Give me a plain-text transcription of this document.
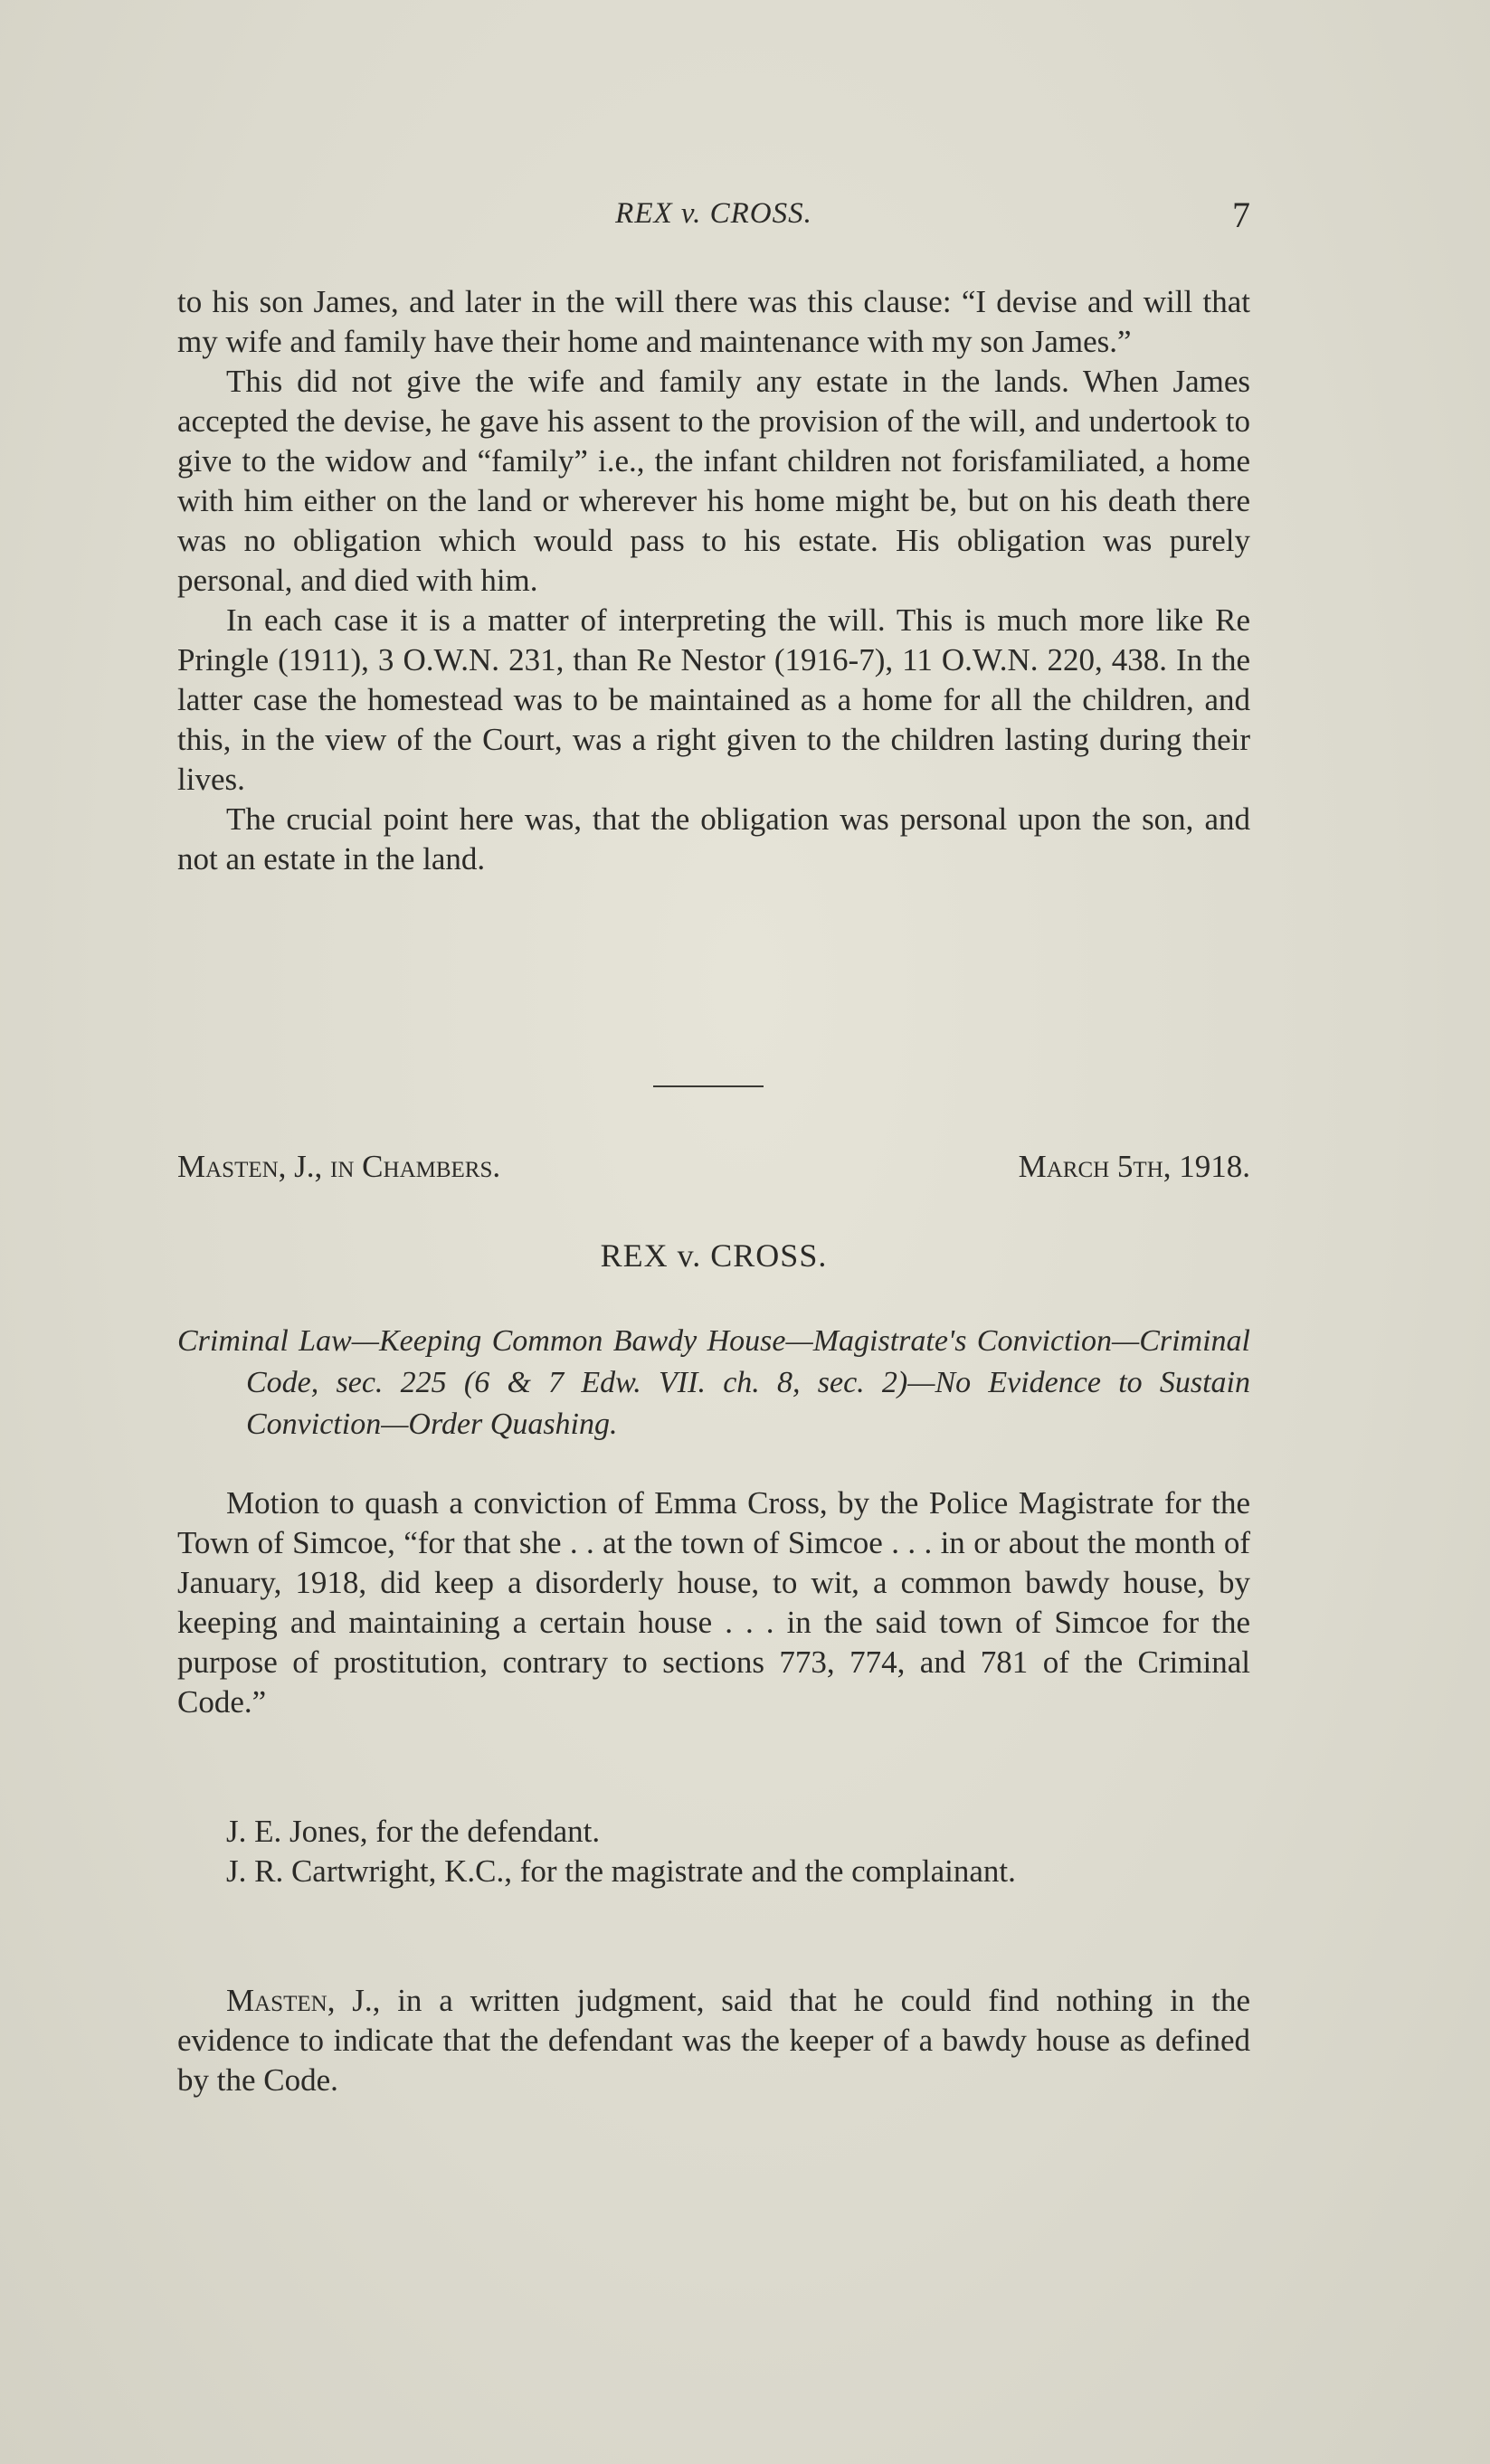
REX v. CROSS.	7

to his son James, and later in the will there was this clause: “I devise and will that my wife and family have their home and maintenance with my son James.”

This did not give the wife and family any estate in the lands. When James accepted the devise, he gave his assent to the provision of the will, and undertook to give to the widow and “family” i.e., the infant children not forisfamiliated, a home with him either on the land or wherever his home might be, but on his death there was no obligation which would pass to his estate. His obligation was purely personal, and died with him.

In each case it is a matter of interpreting the will. This is much more like Re Pringle (1911), 3 O.W.N. 231, than Re Nestor (1916-7), 11 O.W.N. 220, 438. In the latter case the homestead was to be maintained as a home for all the children, and this, in the view of the Court, was a right given to the children lasting during their lives.

The crucial point here was, that the obligation was personal upon the son, and not an estate in the land.

Masten, J., in Chambers.	March 5th, 1918.
REX v. CROSS.

Criminal Law—Keeping Common Bawdy House—Magistrate's Conviction—Criminal Code, sec. 225 (6 & 7 Edw. VII. ch. 8, sec. 2)—No Evidence to Sustain Conviction—Order Quashing.

Motion to quash a conviction of Emma Cross, by the Police Magistrate for the Town of Simcoe, “for that she . . at the town of Simcoe . . . in or about the month of January, 1918, did keep a disorderly house, to wit, a common bawdy house, by keeping and maintaining a certain house . . . in the said town of Simcoe for the purpose of prostitution, contrary to sections 773, 774, and 781 of the Criminal Code.”

J. E. Jones, for the defendant.

J. R. Cartwright, K.C., for the magistrate and the complainant.

Masten, J., in a written judgment, said that he could find nothing in the evidence to indicate that the defendant was the keeper of a bawdy house as defined by the Code.
